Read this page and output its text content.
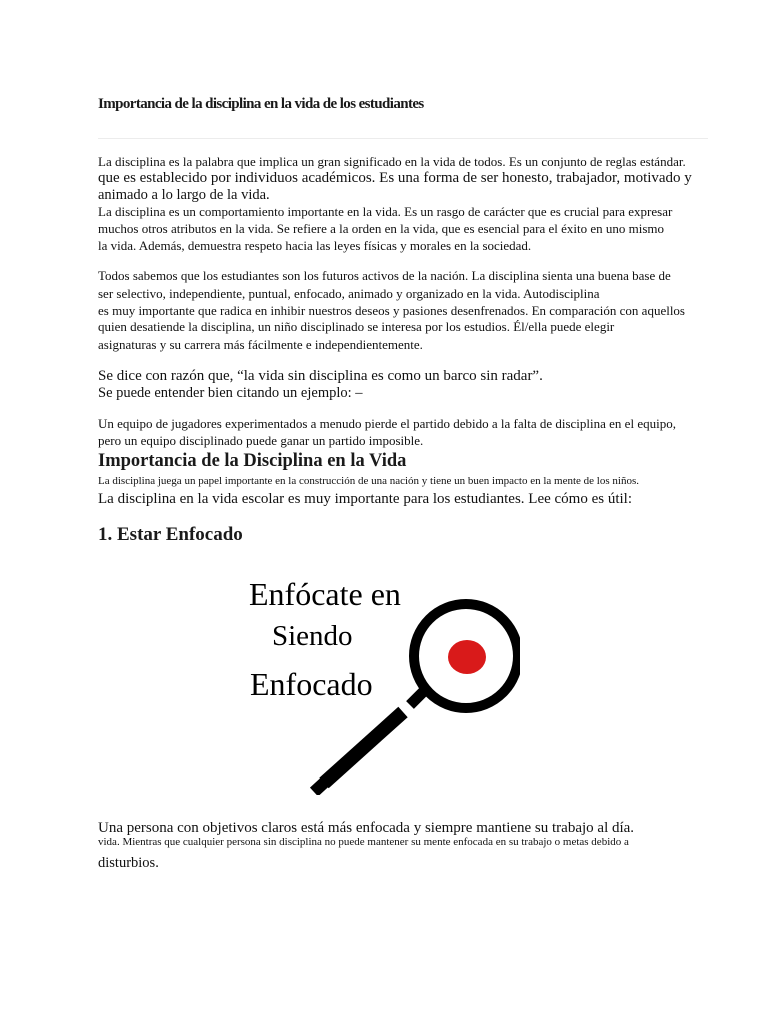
Importancia de la disciplina en la vida de los estudiantes

La disciplina es la palabra que implica un gran significado en la vida de todos. Es un conjunto de reglas estándar.

que es establecido por individuos académicos. Es una forma de ser honesto, trabajador, motivado y

animado a lo largo de la vida.

La disciplina es un comportamiento importante en la vida. Es un rasgo de carácter que es crucial para expresar

muchos otros atributos en la vida. Se refiere a la orden en la vida, que es esencial para el éxito en uno mismo

la vida. Además, demuestra respeto hacia las leyes físicas y morales en la sociedad.

Todos sabemos que los estudiantes son los futuros activos de la nación. La disciplina sienta una buena base de

ser selectivo, independiente, puntual, enfocado, animado y organizado en la vida. Autodisciplina

es muy importante que radica en inhibir nuestros deseos y pasiones desenfrenados. En comparación con aquellos

quien desatiende la disciplina, un niño disciplinado se interesa por los estudios. Él/ella puede elegir

asignaturas y su carrera más fácilmente e independientemente.

Se dice con razón que, “la vida sin disciplina es como un barco sin radar”.

Se puede entender bien citando un ejemplo: –

Un equipo de jugadores experimentados a menudo pierde el partido debido a la falta de disciplina en el equipo,

pero un equipo disciplinado puede ganar un partido imposible.

Importancia de la Disciplina en la Vida

La disciplina juega un papel importante en la construcción de una nación y tiene un buen impacto en la mente de los niños.

La disciplina en la vida escolar es muy importante para los estudiantes. Lee cómo es útil:

1. Estar Enfocado
Enfócate en
Siendo
Enfocado

Una persona con objetivos claros está más enfocada y siempre mantiene su trabajo al día.

vida. Mientras que cualquier persona sin disciplina no puede mantener su mente enfocada en su trabajo o metas debido a

disturbios.
